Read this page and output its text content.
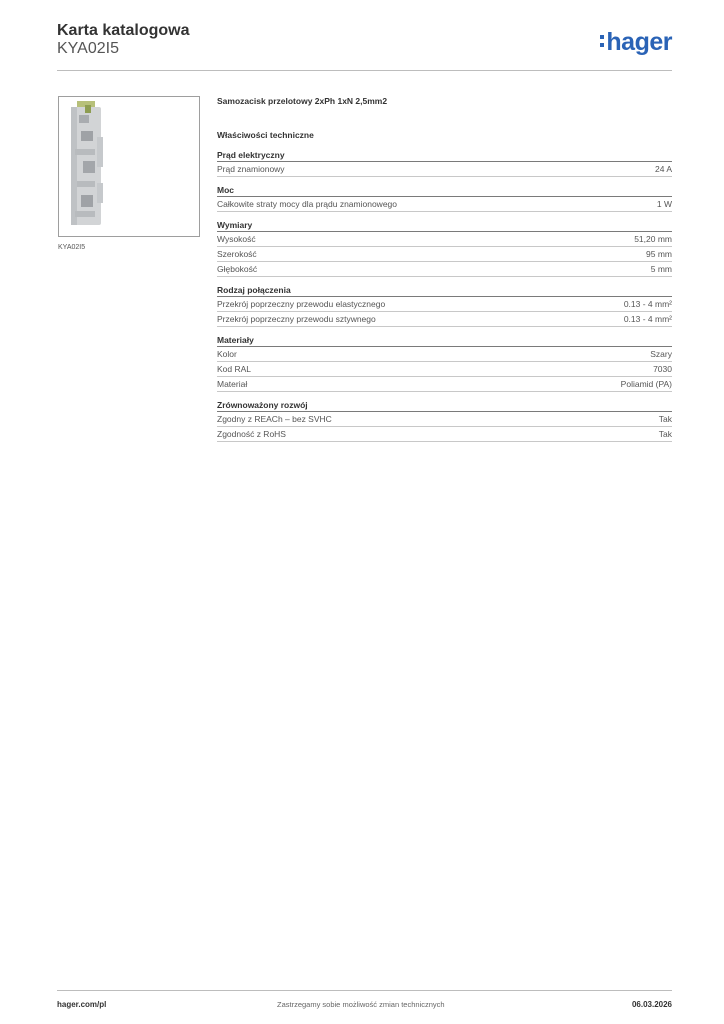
Karta katalogowa
KYA02I5	hager
KYA02I5
Samozacisk przelotowy 2xPh 1xN 2,5mm2
Właściwości techniczne
Prąd elektryczny
Prąd znamionowy	24 A
Moc
Całkowite straty mocy dla prądu znamionowego	1 W
Wymiary
Wysokość	51,20 mm
Szerokość	95 mm
Głębokość	5 mm
Rodzaj połączenia
Przekrój poprzeczny przewodu elastycznego	0.13 - 4 mm²
Przekrój poprzeczny przewodu sztywnego	0.13 - 4 mm²
Materiały
Kolor	Szary
Kod RAL	7030
Materiał	Poliamid (PA)
Zrównoważony rozwój
Zgodny z REACh – bez SVHC	Tak
Zgodność z RoHS	Tak
hager.com/pl	Zastrzegamy sobie możliwość zmian technicznych	06.03.2026
